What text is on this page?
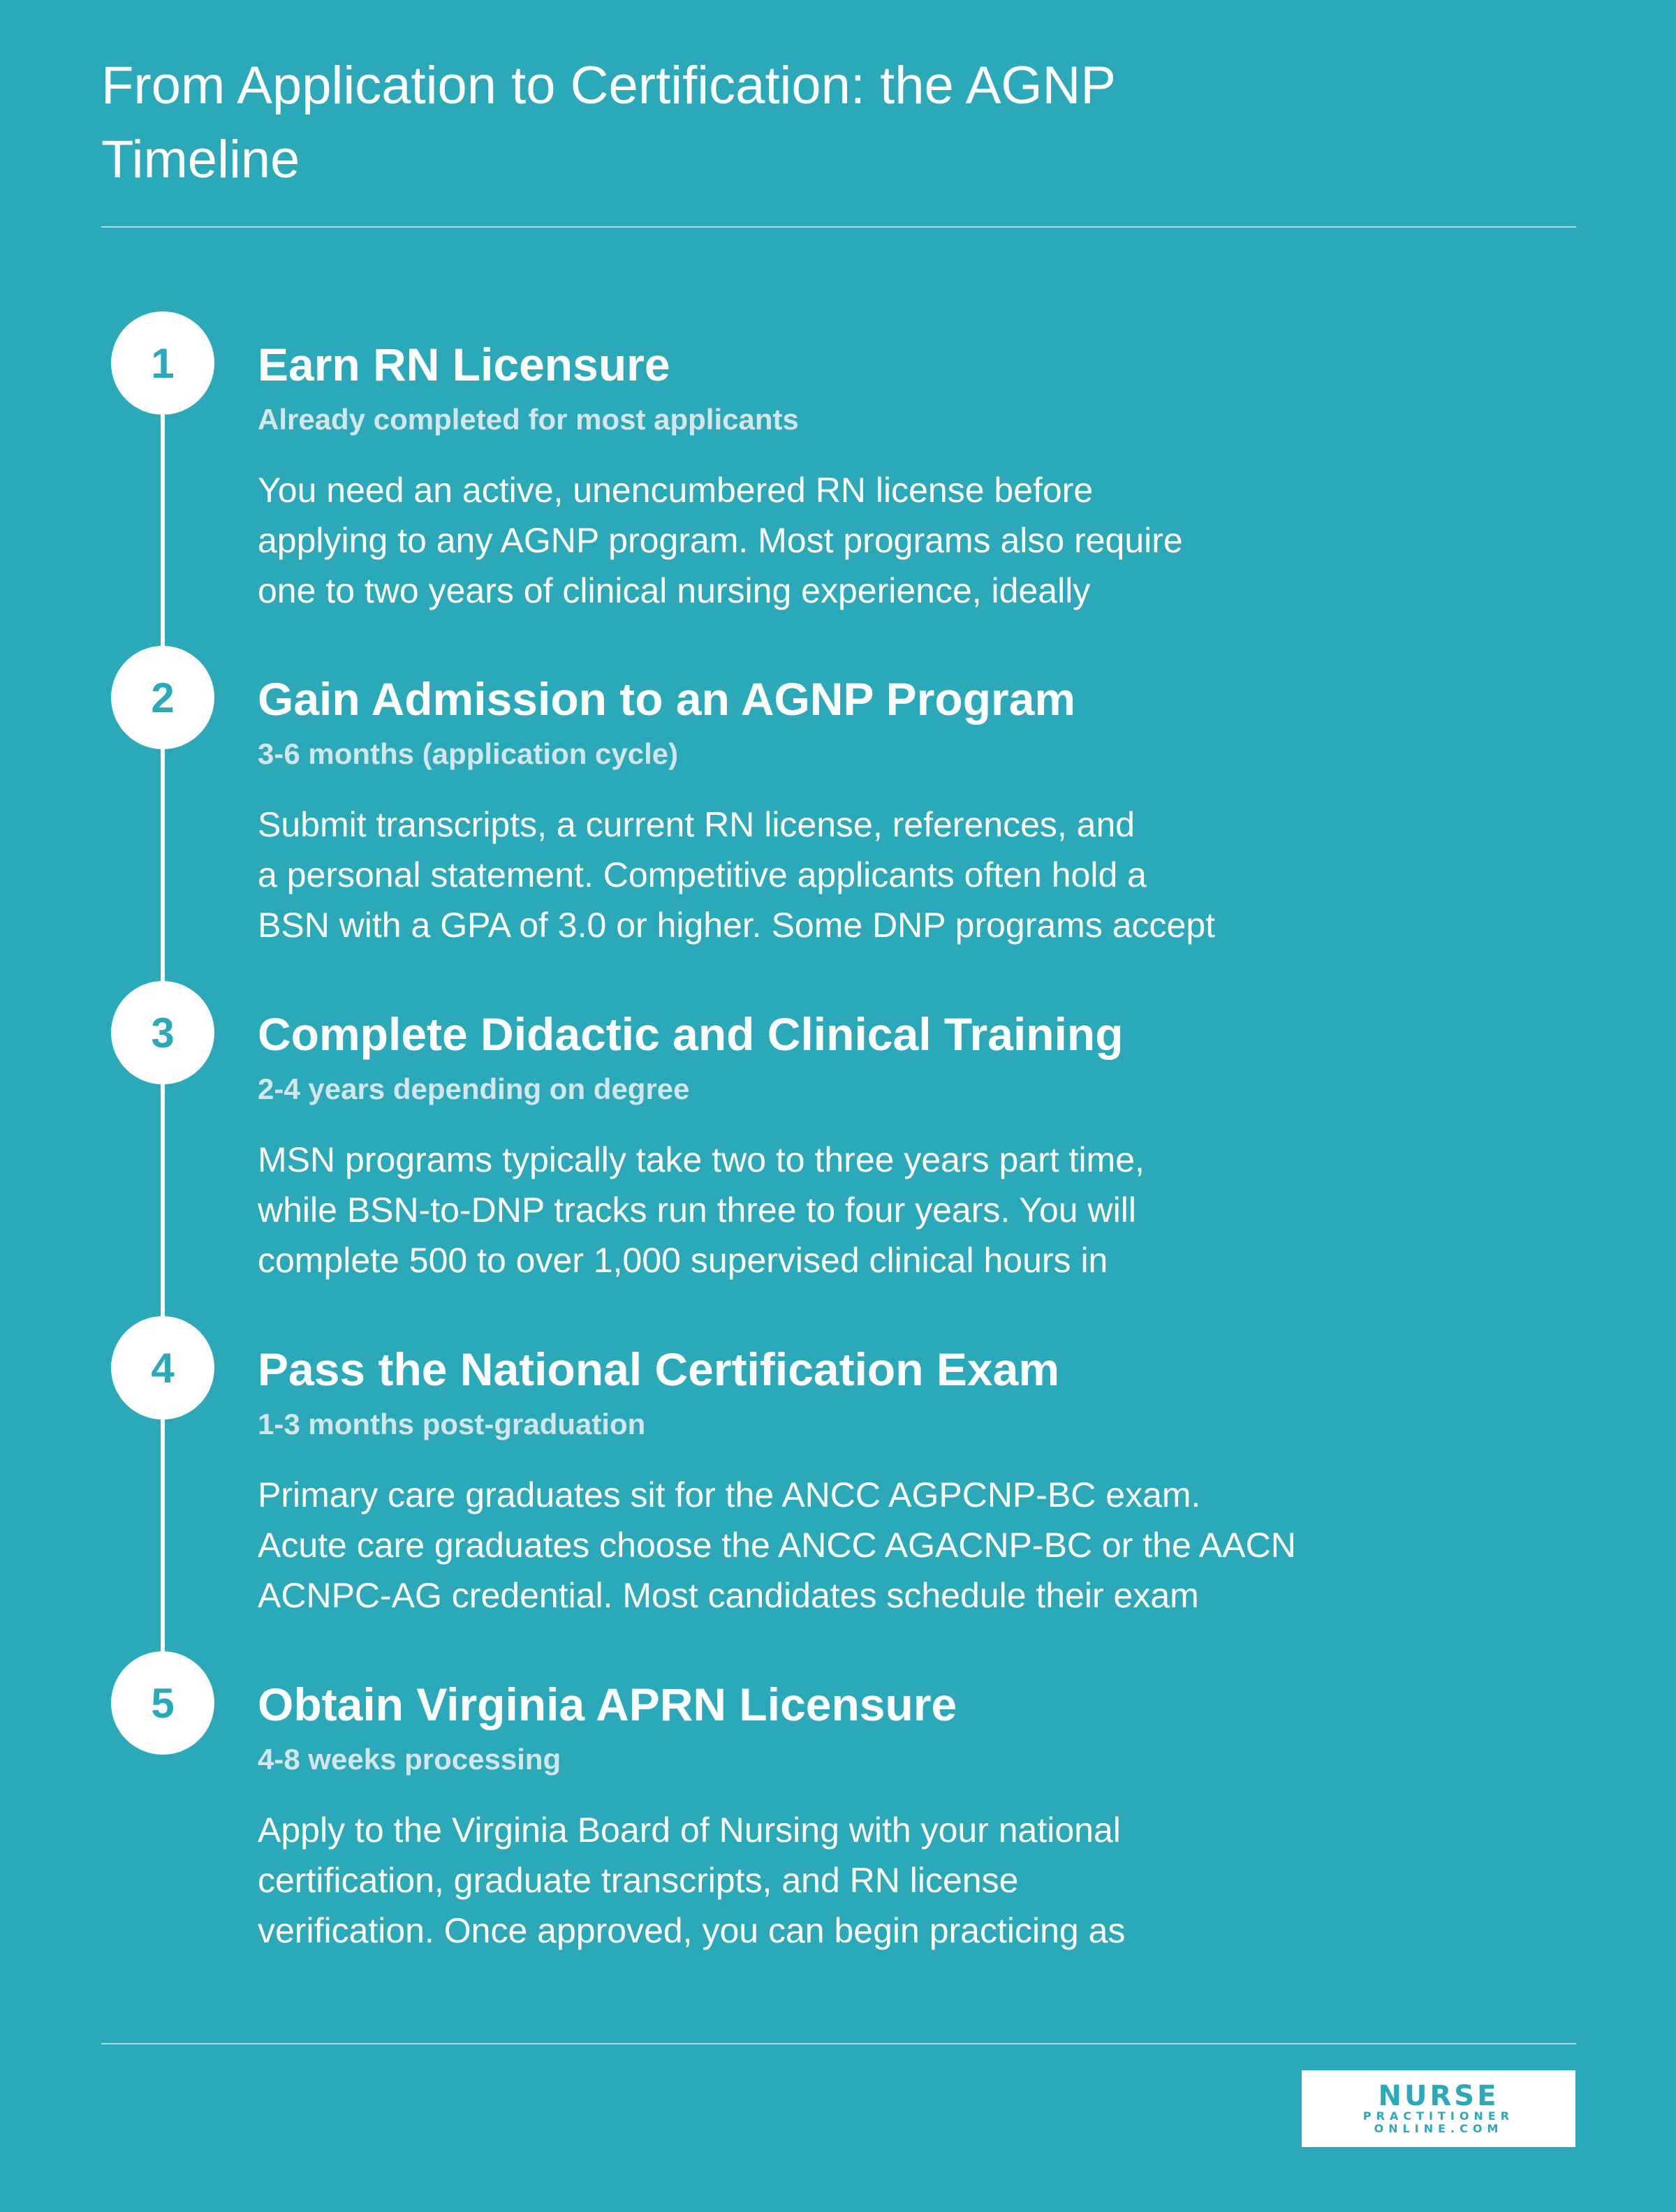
From Application to Certification: the AGNP Timeline
1	Earn RN Licensure
Already completed for most applicants
You need an active, unencumbered RN license before
applying to any AGNP program. Most programs also require
one to two years of clinical nursing experience, ideally
2	Gain Admission to an AGNP Program
3-6 months (application cycle)
Submit transcripts, a current RN license, references, and
a personal statement. Competitive applicants often hold a
BSN with a GPA of 3.0 or higher. Some DNP programs accept
3	Complete Didactic and Clinical Training
2-4 years depending on degree
MSN programs typically take two to three years part time,
while BSN-to-DNP tracks run three to four years. You will
complete 500 to over 1,000 supervised clinical hours in
4	Pass the National Certification Exam
1-3 months post-graduation
Primary care graduates sit for the ANCC AGPCNP-BC exam.
Acute care graduates choose the ANCC AGACNP-BC or the AACN
ACNPC-AG credential. Most candidates schedule their exam
5	Obtain Virginia APRN Licensure
4-8 weeks processing
Apply to the Virginia Board of Nursing with your national
certification, graduate transcripts, and RN license
verification. Once approved, you can begin practicing as
NURSE
PRACTITIONER
ONLINE.COM
